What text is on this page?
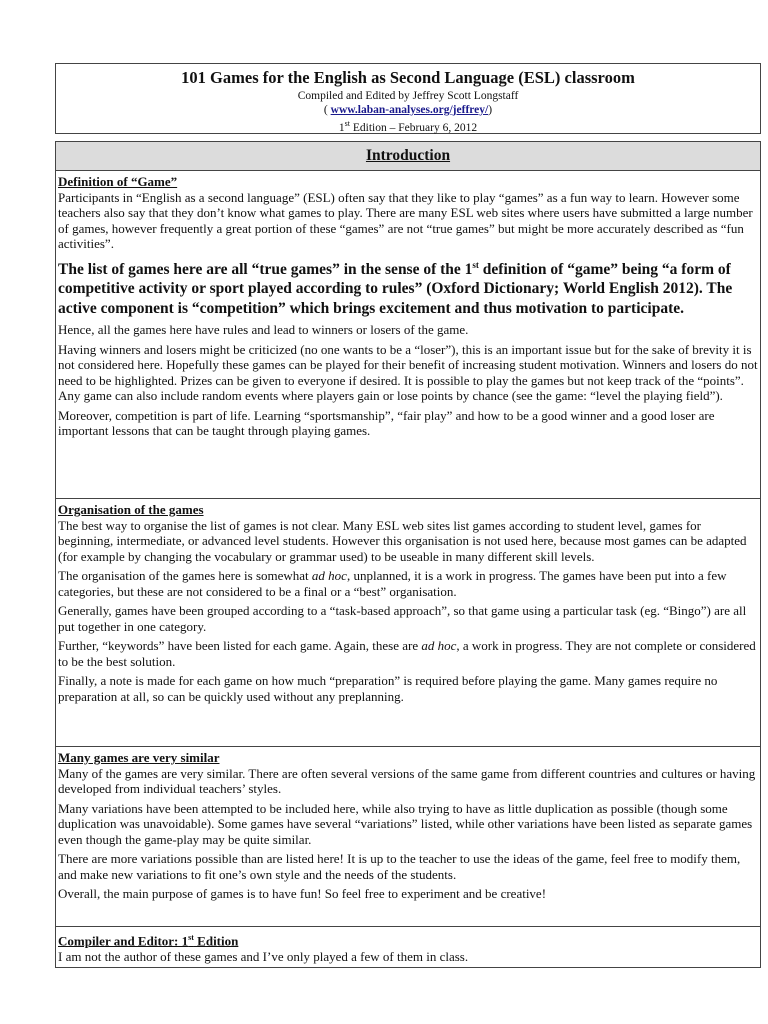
101 Games for the English as Second Language (ESL) classroom

Compiled and Edited by Jeffrey Scott Longstaff
( www.laban-analyses.org/jeffrey/)
1st Edition – February 6, 2012
Introduction
Definition of “Game”

Participants in “English as a second language” (ESL) often say that they like to play “games” as a fun way to learn. However some teachers also say that they don’t know what games to play. There are many ESL web sites where users have submitted a large number of games, however frequently a great portion of these “games” are not “true games” but might be more accurately described as “fun activities”.

The list of games here are all “true games” in the sense of the 1st definition of “game” being “a form of competitive activity or sport played according to rules” (Oxford Dictionary; World English 2012). The active component is “competition” which brings excitement and thus motivation to participate.

Hence, all the games here have rules and lead to winners or losers of the game.

Having winners and losers might be criticized (no one wants to be a “loser”), this is an important issue but for the sake of brevity it is not considered here. Hopefully these games can be played for their benefit of increasing student motivation. Winners and losers do not need to be highlighted. Prizes can be given to everyone if desired. It is possible to play the games but not keep track of the “points”. Any game can also include random events where players gain or lose points by chance (see the game: “level the playing field”).

Moreover, competition is part of life. Learning “sportsmanship”, “fair play” and how to be a good winner and a good loser are important lessons that can be taught through playing games.

Organisation of the games

The best way to organise the list of games is not clear. Many ESL web sites list games according to student level, games for beginning, intermediate, or advanced level students. However this organisation is not used here, because most games can be adapted (for example by changing the vocabulary or grammar used) to be useable in many different skill levels.

The organisation of the games here is somewhat ad hoc, unplanned, it is a work in progress. The games have been put into a few categories, but these are not considered to be a final or a “best” organisation.

Generally, games have been grouped according to a “task-based approach”, so that game using a particular task (eg. “Bingo”) are all put together in one category.

Further, “keywords” have been listed for each game. Again, these are ad hoc, a work in progress. They are not complete or considered to be the best solution.

Finally, a note is made for each game on how much “preparation” is required before playing the game. Many games require no preparation at all, so can be quickly used without any preplanning.

Many games are very similar

Many of the games are very similar. There are often several versions of the same game from different countries and cultures or having developed from individual teachers’ styles.

Many variations have been attempted to be included here, while also trying to have as little duplication as possible (though some duplication was unavoidable). Some games have several “variations” listed, while other variations have been listed as separate games even though the game-play may be quite similar.

There are more variations possible than are listed here! It is up to the teacher to use the ideas of the game, feel free to modify them, and make new variations to fit one’s own style and the needs of the students.

Overall, the main purpose of games is to have fun! So feel free to experiment and be creative!

Compiler and Editor: 1st Edition

I am not the author of these games and I’ve only played a few of them in class.
